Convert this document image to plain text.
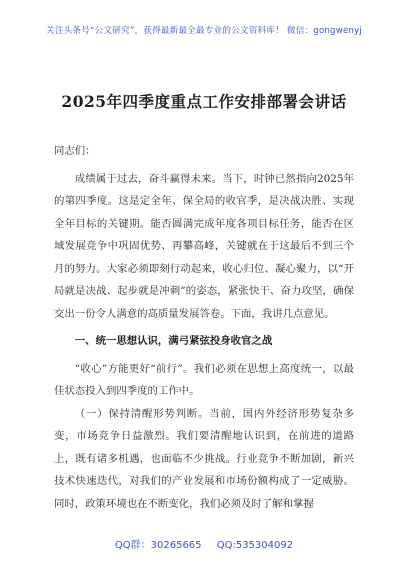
关注头条号“公文研究”，获得最新最全最专业的公文资料库！ 微信：gongwenyj
2025年四季度重点工作安排部署会讲话

同志们：

成绩属于过去，奋斗赢得未来。当下，时钟已然指向2025年的第四季度。这是定全年、保全局的收官季，是决战决胜、实现全年目标的关键期。能否圆满完成年度各项目标任务，能否在区域发展竞争中巩固优势、再攀高峰，关键就在于这最后不到三个月的努力。大家必须即刻行动起来，收心归位、凝心聚力，以“开局就是决战、起步就是冲刺”的姿态，紧张快干、奋力攻坚，确保交出一份令人满意的高质量发展答卷。下面，我讲几点意见。

一、统一思想认识，满弓紧弦投身收官之战

“收心”方能更好“前行”。我们必须在思想上高度统一，以最佳状态投入到四季度的工作中。

（一）保持清醒形势判断。当前，国内外经济形势复杂多变，市场竞争日益激烈。我们要清醒地认识到，在前进的道路上，既有诸多机遇，也面临不少挑战。行业竞争不断加剧，新兴技术快速迭代，对我们的产业发展和市场份额构成了一定威胁。同时，政策环境也在不断变化，我们必须及时了解和掌握

QQ群：30265665 QQ:535304092
